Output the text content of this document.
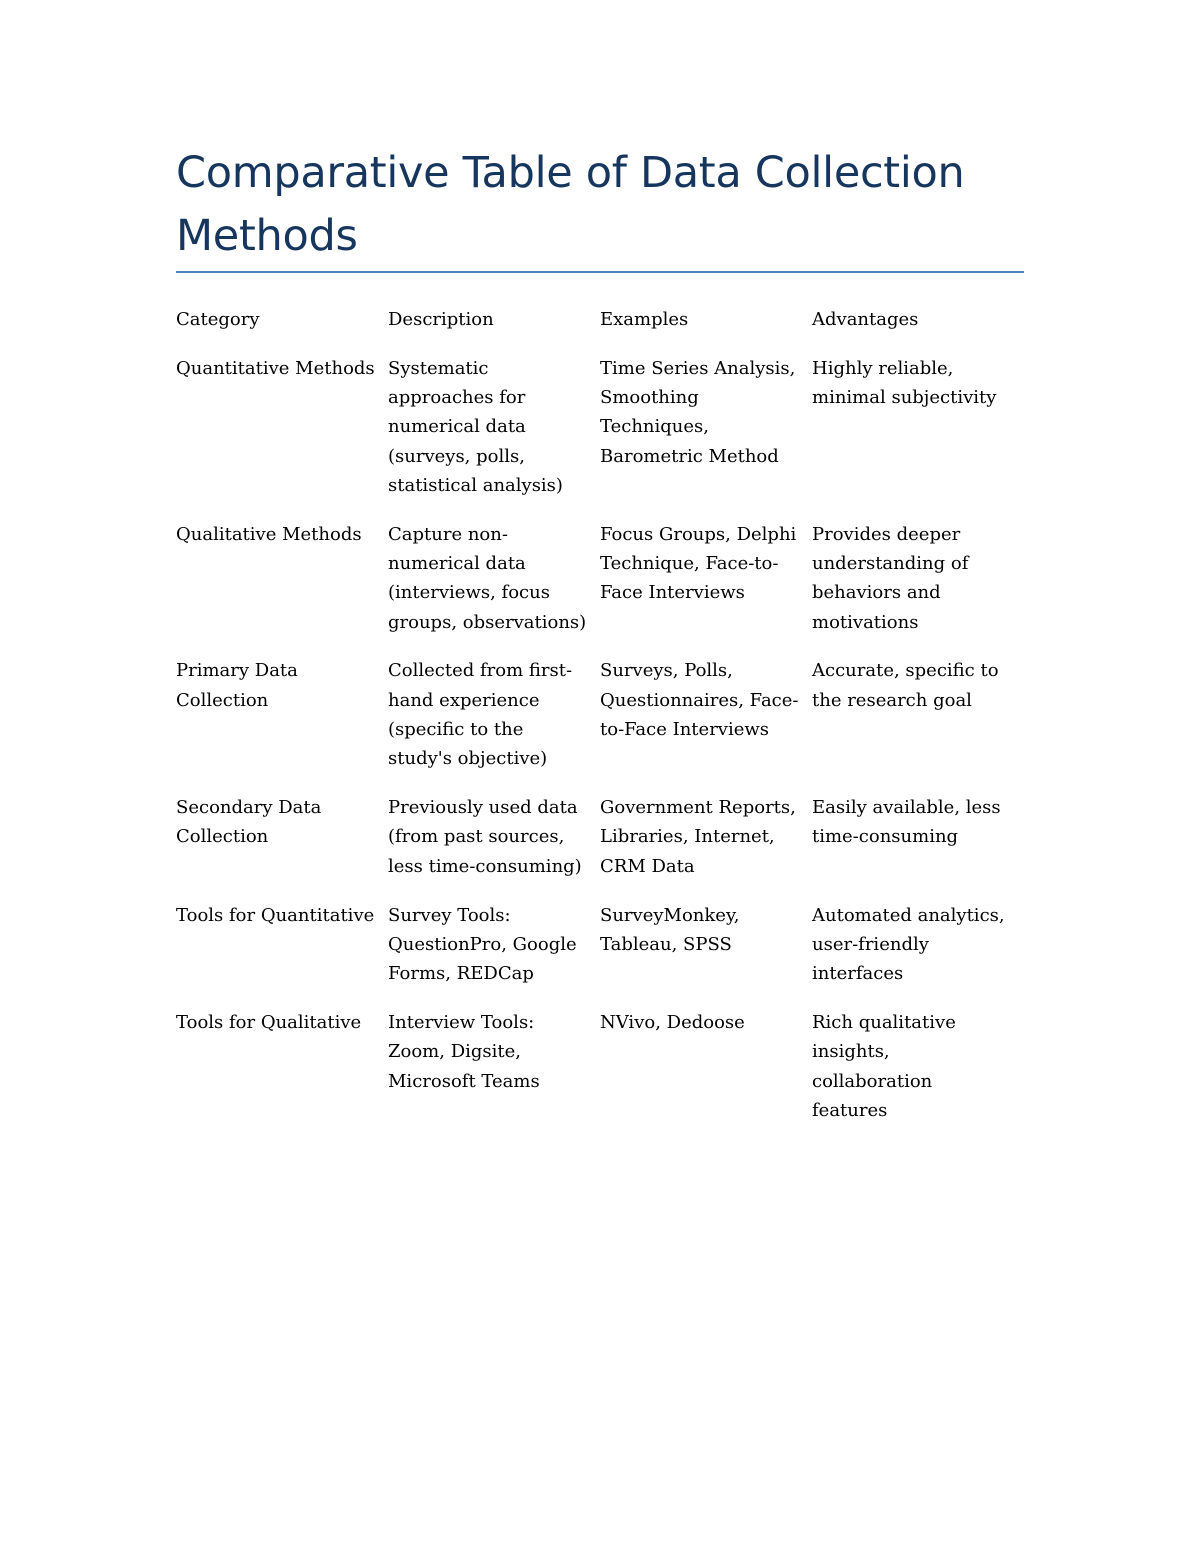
Comparative Table of Data Collection Methods
Category	Description	Examples	Advantages

Quantitative Methods	Systematic approaches for numerical data (surveys, polls, statistical analysis)	Time Series Analysis, Smoothing Techniques, Barometric Method	Highly reliable, minimal subjectivity

Qualitative Methods	Capture non-numerical data (interviews, focus groups, observations)	Focus Groups, Delphi Technique, Face-to-Face Interviews	Provides deeper understanding of behaviors and motivations

Primary Data Collection	Collected from first-hand experience (specific to the study's objective)	Surveys, Polls, Questionnaires, Face-to-Face Interviews	Accurate, specific to the research goal

Secondary Data Collection	Previously used data (from past sources, less time-consuming)	Government Reports, Libraries, Internet, CRM Data	Easily available, less time-consuming

Tools for Quantitative	Survey Tools: QuestionPro, Google Forms, REDCap	SurveyMonkey, Tableau, SPSS	Automated analytics, user-friendly interfaces

Tools for Qualitative	Interview Tools: Zoom, Digsite, Microsoft Teams	NVivo, Dedoose	Rich qualitative insights, collaboration features
